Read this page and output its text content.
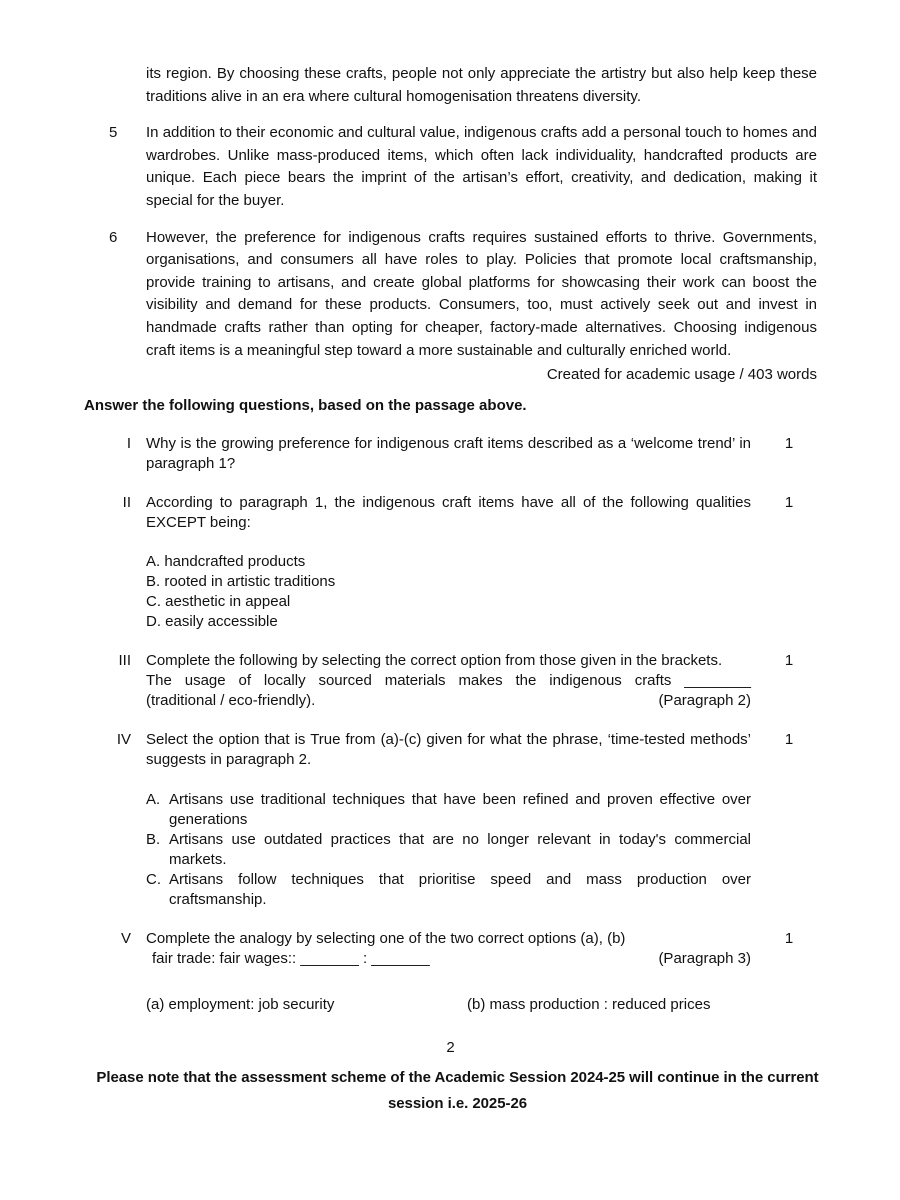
its region. By choosing these crafts, people not only appreciate the artistry but also help keep these traditions alive in an era where cultural homogenisation threatens diversity.
5	In addition to their economic and cultural value, indigenous crafts add a personal touch to homes and wardrobes. Unlike mass-produced items, which often lack individuality, handcrafted products are unique. Each piece bears the imprint of the artisan’s effort, creativity, and dedication, making it special for the buyer.
6	However, the preference for indigenous crafts requires sustained efforts to thrive. Governments, organisations, and consumers all have roles to play. Policies that promote local craftsmanship, provide training to artisans, and create global platforms for showcasing their work can boost the visibility and demand for these products. Consumers, too, must actively seek out and invest in handmade crafts rather than opting for cheaper, factory-made alternatives. Choosing indigenous craft items is a meaningful step toward a more sustainable and culturally enriched world.
Created for academic usage / 403 words
Answer the following questions, based on the passage above.
I Why is the growing preference for indigenous craft items described as a ‘welcome trend’ in paragraph 1?

1
II According to paragraph 1, the indigenous craft items have all of the following qualities EXCEPT being:

A. handcrafted products

B. rooted in artistic traditions

C. aesthetic in appeal

D. easily accessible

1
III Complete the following by selecting the correct option from those given in the brackets.

The usage of locally sourced materials makes the indigenous crafts ________

(traditional / eco-friendly).	(Paragraph 2)

1
IV Select the option that is True from (a)-(c) given for what the phrase, ‘time-tested methods’ suggests in paragraph 2.

A. Artisans use traditional techniques that have been refined and proven effective over generations
B. Artisans use outdated practices that are no longer relevant in today's commercial markets.
C. Artisans follow techniques that prioritise speed and mass production over craftsmanship.
1
V Complete the analogy by selecting one of the two correct options (a), (b)

fair trade: fair wages:: _______ : _______	(Paragraph 3)

(a) employment: job security	(b) mass production : reduced prices
1
2
Please note that the assessment scheme of the Academic Session 2024-25 will continue in the current session i.e. 2025-26
